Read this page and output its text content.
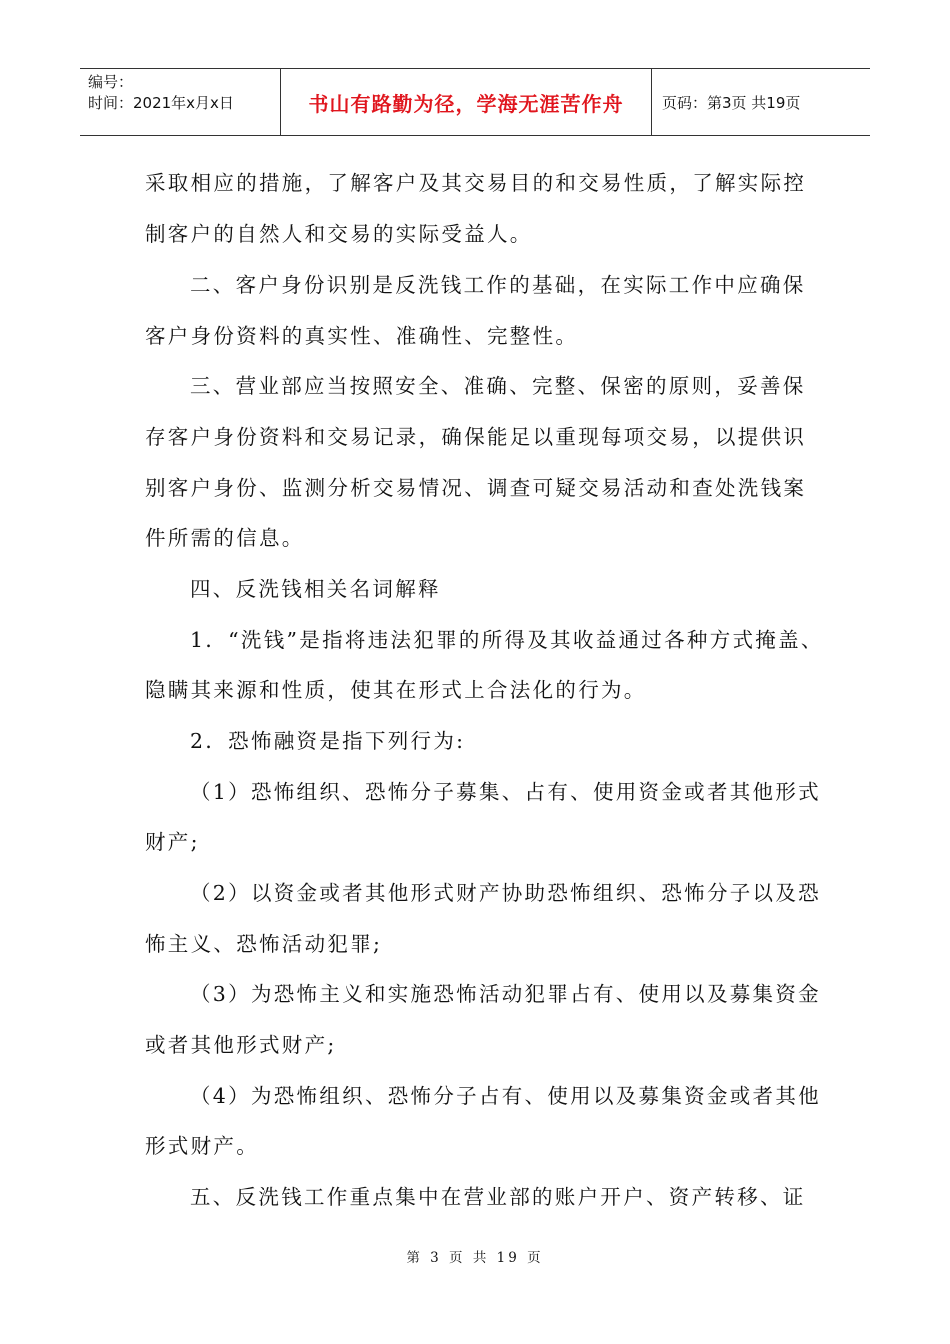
编号：
时间：2021年x月x日	书山有路勤为径，学海无涯苦作舟	页码：第3页 共19页
采取相应的措施，了解客户及其交易目的和交易性质，了解实际控
制客户的自然人和交易的实际受益人。
二、客户身份识别是反洗钱工作的基础，在实际工作中应确保
客户身份资料的真实性、准确性、完整性。
三、营业部应当按照安全、准确、完整、保密的原则，妥善保
存客户身份资料和交易记录，确保能足以重现每项交易，以提供识
别客户身份、监测分析交易情况、调查可疑交易活动和查处洗钱案
件所需的信息。
四、反洗钱相关名词解释
1．“洗钱”是指将违法犯罪的所得及其收益通过各种方式掩盖、
隐瞒其来源和性质，使其在形式上合法化的行为。
2．恐怖融资是指下列行为:
（1）恐怖组织、恐怖分子募集、占有、使用资金或者其他形式
财产;
（2）以资金或者其他形式财产协助恐怖组织、恐怖分子以及恐
怖主义、恐怖活动犯罪;
（3）为恐怖主义和实施恐怖活动犯罪占有、使用以及募集资金
或者其他形式财产;
（4）为恐怖组织、恐怖分子占有、使用以及募集资金或者其他
形式财产。
五、反洗钱工作重点集中在营业部的账户开户、资产转移、证
第 3 页 共 19 页
